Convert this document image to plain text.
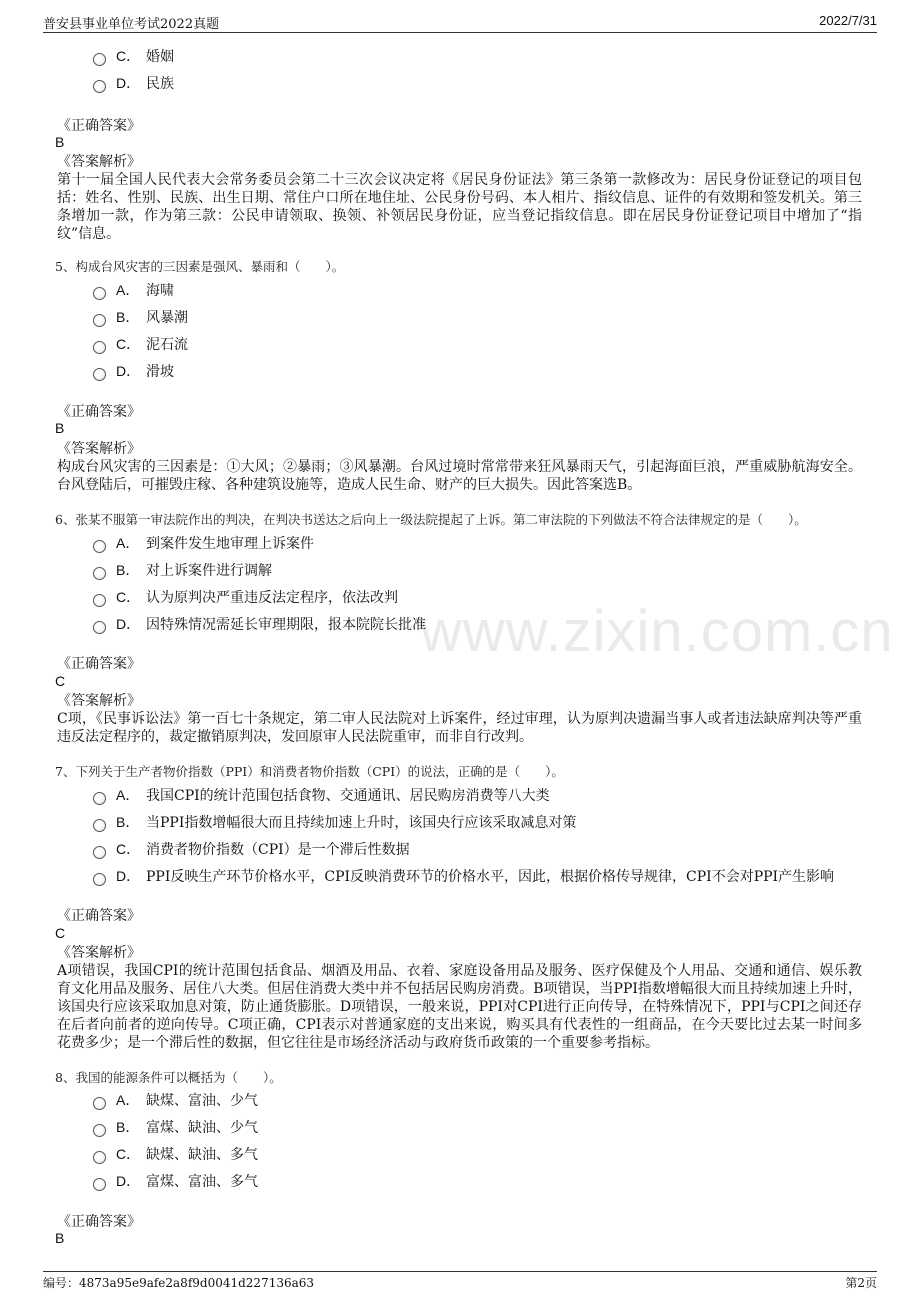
普安县事业单位考试2022真题	2022/7/31
www.zixin.com.cn
C． 婚姻
D． 民族
《正确答案》
B
《答案解析》
第十一届全国人民代表大会常务委员会第二十三次会议决定将《居民身份证法》第三条第一款修改为：居民身份证登记的项目包括：姓名、性别、民族、出生日期、常住户口所在地住址、公民身份号码、本人相片、指纹信息、证件的有效期和签发机关。第三条增加一款，作为第三款：公民申请领取、换领、补领居民身份证，应当登记指纹信息。即在居民身份证登记项目中增加了“指纹”信息。
5、构成台风灾害的三因素是强风、暴雨和（　　）。
A． 海啸
B． 风暴潮
C． 泥石流
D． 滑坡
《正确答案》
B
《答案解析》
构成台风灾害的三因素是：①大风；②暴雨；③风暴潮。台风过境时常常带来狂风暴雨天气，引起海面巨浪，严重威胁航海安全。台风登陆后，可摧毁庄稼、各种建筑设施等，造成人民生命、财产的巨大损失。因此答案选B。
6、张某不服第一审法院作出的判决，在判决书送达之后向上一级法院提起了上诉。第二审法院的下列做法不符合法律规定的是（　　）。
A． 到案件发生地审理上诉案件
B． 对上诉案件进行调解
C． 认为原判决严重违反法定程序，依法改判
D． 因特殊情况需延长审理期限，报本院院长批准
《正确答案》
C
《答案解析》
C项，《民事诉讼法》第一百七十条规定，第二审人民法院对上诉案件，经过审理，认为原判决遗漏当事人或者违法缺席判决等严重违反法定程序的，裁定撤销原判决，发回原审人民法院重审，而非自行改判。
7、下列关于生产者物价指数（PPI）和消费者物价指数（CPI）的说法，正确的是（　　）。
A． 我国CPI的统计范围包括食物、交通通讯、居民购房消费等八大类
B． 当PPI指数增幅很大而且持续加速上升时，该国央行应该采取减息对策
C． 消费者物价指数（CPI）是一个滞后性数据
D． PPI反映生产环节价格水平，CPI反映消费环节的价格水平，因此，根据价格传导规律，CPI不会对PPI产生影响
《正确答案》
C
《答案解析》
A项错误，我国CPI的统计范围包括食品、烟酒及用品、衣着、家庭设备用品及服务、医疗保健及个人用品、交通和通信、娱乐教育文化用品及服务、居住八大类。但居住消费大类中并不包括居民购房消费。B项错误，当PPI指数增幅很大而且持续加速上升时，该国央行应该采取加息对策，防止通货膨胀。D项错误，一般来说，PPI对CPI进行正向传导，在特殊情况下，PPI与CPI之间还存在后者向前者的逆向传导。C项正确，CPI表示对普通家庭的支出来说，购买具有代表性的一组商品，在今天要比过去某一时间多花费多少；是一个滞后性的数据，但它往往是市场经济活动与政府货币政策的一个重要参考指标。
8、我国的能源条件可以概括为（　　）。
A． 缺煤、富油、少气
B． 富煤、缺油、少气
C． 缺煤、缺油、多气
D． 富煤、富油、多气
《正确答案》
B
编号：4873a95e9afe2a8f9d0041d227136a63	第2页
